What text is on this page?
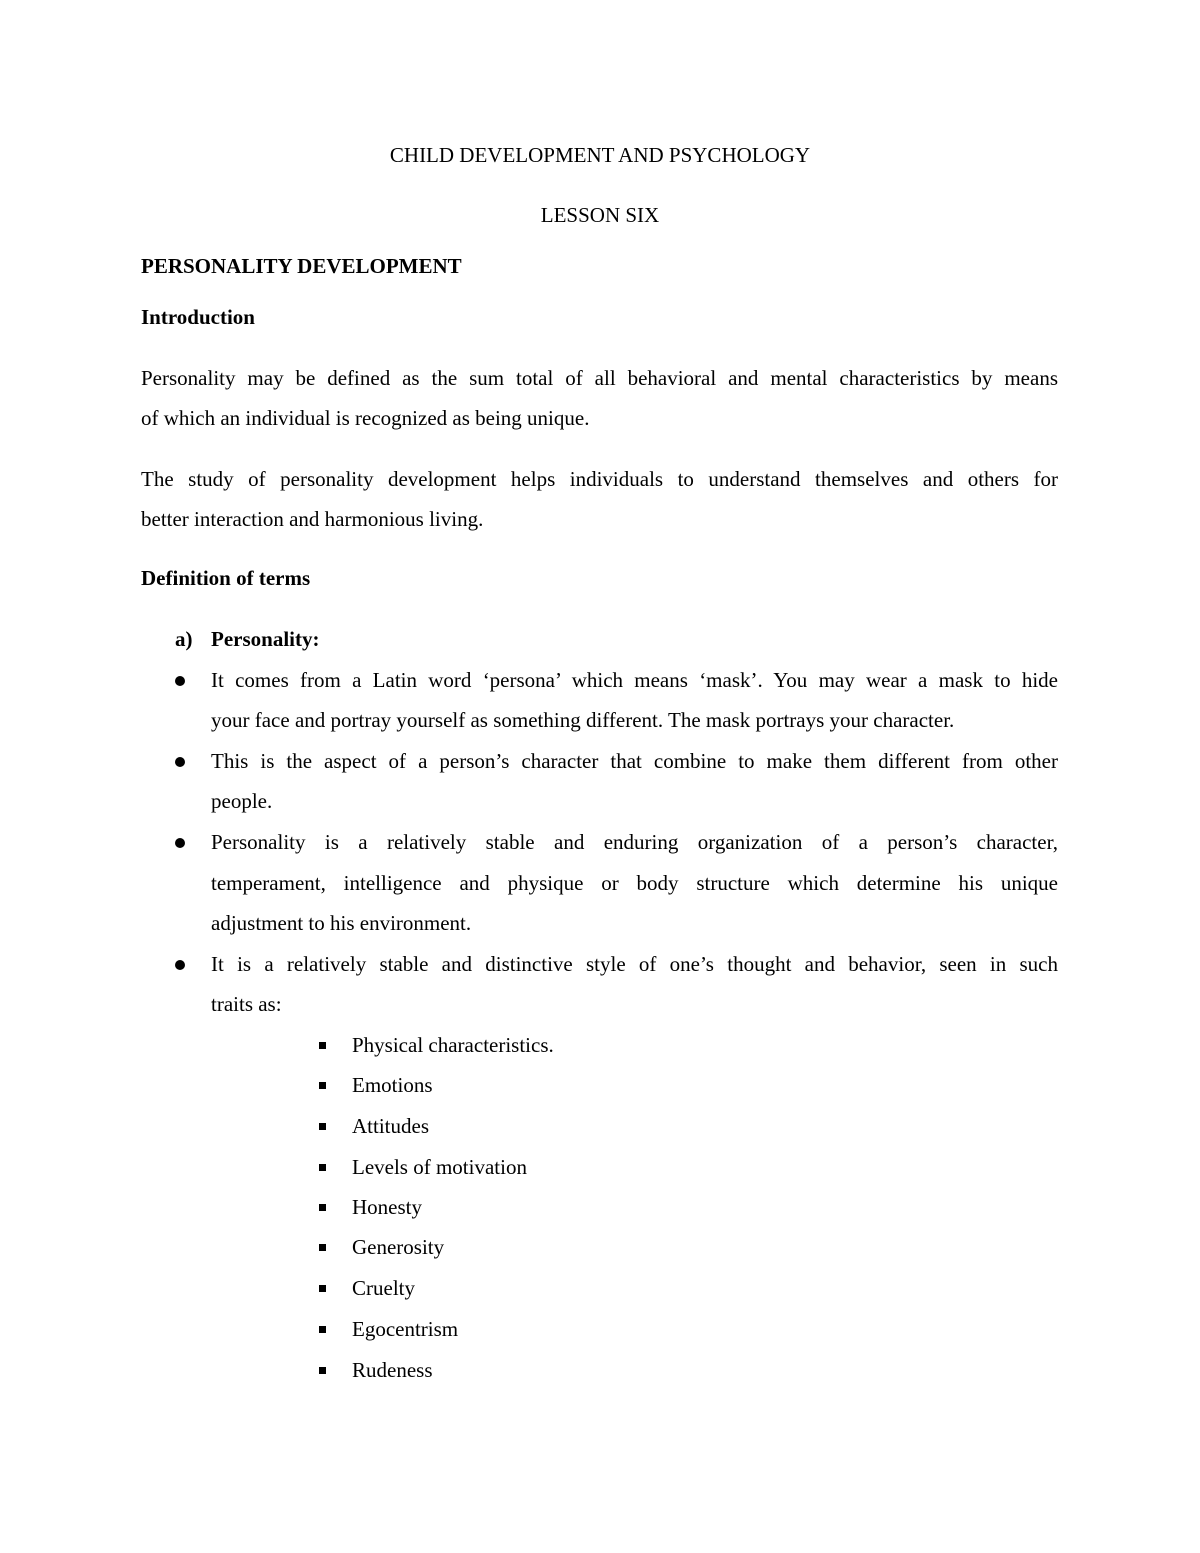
CHILD DEVELOPMENT AND PSYCHOLOGY

LESSON SIX

PERSONALITY DEVELOPMENT

Introduction

Personality may be defined as the sum total of all behavioral and mental characteristics by means

of which an individual is recognized as being unique.

The study of personality development helps individuals to understand themselves and others for

better interaction and harmonious living.

Definition of terms

a) Personality:

It comes from a Latin word ‘persona’ which means ‘mask’. You may wear a mask to hide

your face and portray yourself as something different. The mask portrays your character.

This is the aspect of a person’s character that combine to make them different from other

people.

Personality is a relatively stable and enduring organization of a person’s character,

temperament, intelligence and physique or body structure which determine his unique

adjustment to his environment.

It is a relatively stable and distinctive style of one’s thought and behavior, seen in such

traits as:

Physical characteristics.

Emotions

Attitudes

Levels of motivation

Honesty

Generosity

Cruelty

Egocentrism

Rudeness
